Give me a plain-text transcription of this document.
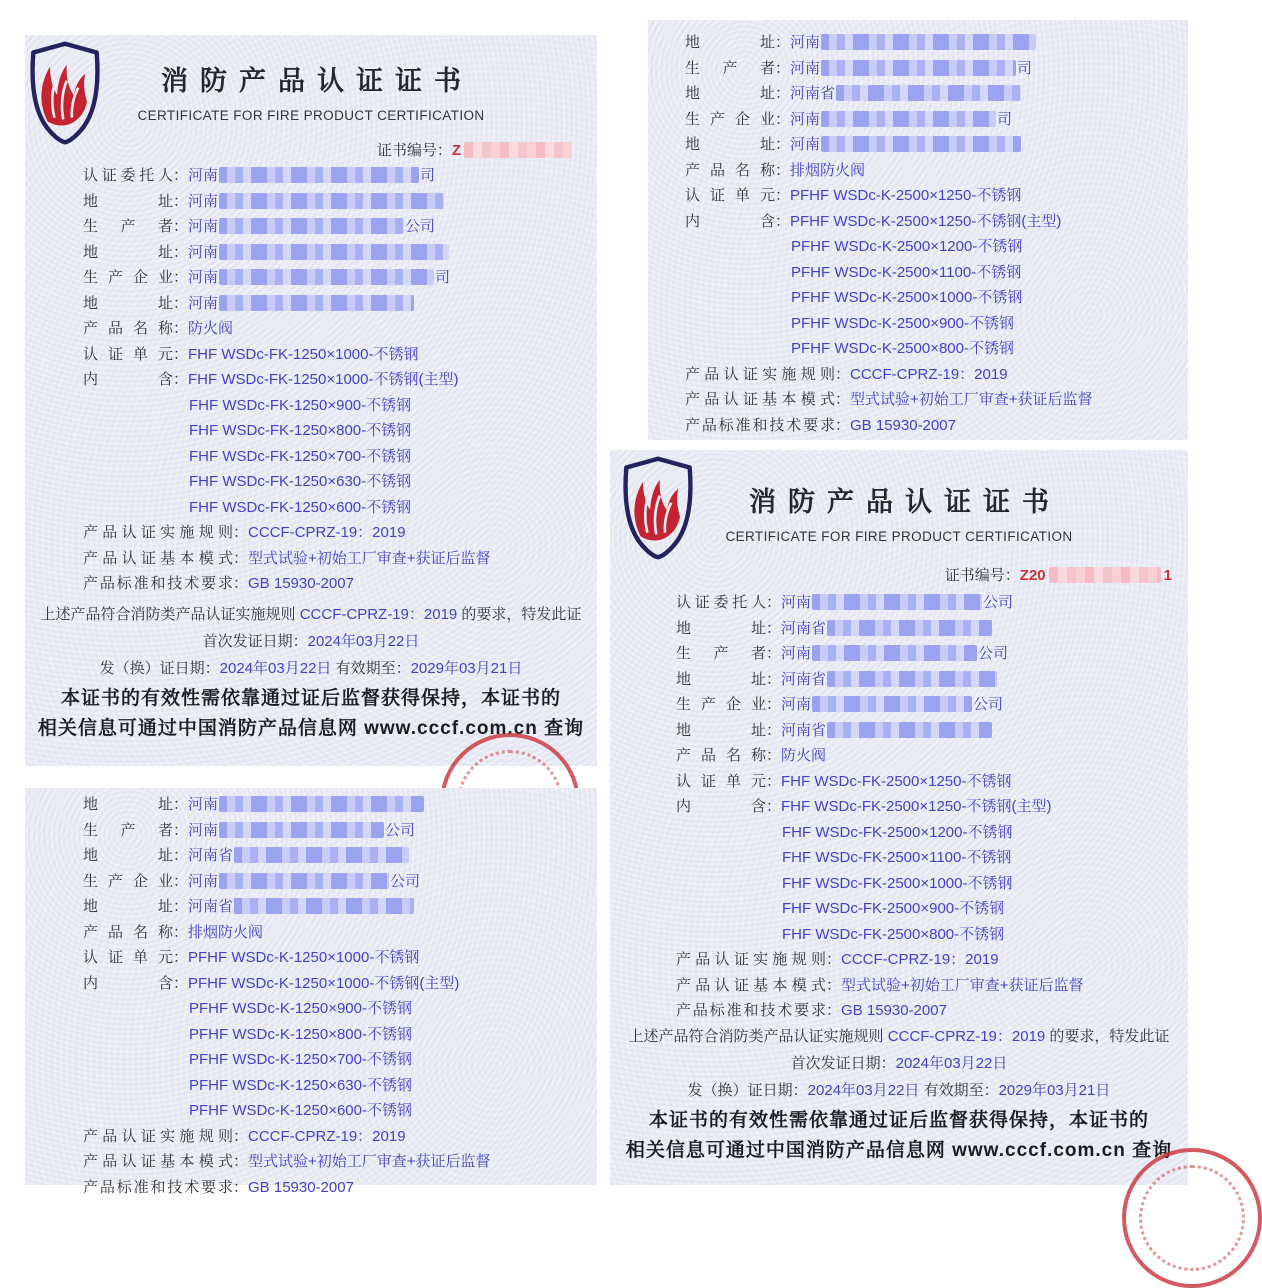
消防产品认证证书
CERTIFICATE FOR FIRE PRODUCT CERTIFICATION
证书编号：Z
认证委托人：河南	司
地址：河南
生产者：河南	公司
地址：河南
生产企业：河南	司
地址：河南
产品名称：防火阀
认证单元：FHF WSDc-FK-1250×1000-不锈钢
内含：FHF WSDc-FK-1250×1000-不锈钢(主型)
FHF WSDc-FK-1250×900-不锈钢
FHF WSDc-FK-1250×800-不锈钢
FHF WSDc-FK-1250×700-不锈钢
FHF WSDc-FK-1250×630-不锈钢
FHF WSDc-FK-1250×600-不锈钢
产品认证实施规则：CCCF-CPRZ-19：2019
产品认证基本模式：型式试验+初始工厂审查+获证后监督
产品标准和技术要求：GB 15930-2007
上述产品符合消防类产品认证实施规则 CCCF-CPRZ-19：2019 的要求，特发此证
首次发证日期：2024年03月22日
发（换）证日期：2024年03月22日 有效期至：2029年03月21日
本证书的有效性需依靠通过证后监督获得保持，本证书的
相关信息可通过中国消防产品信息网 www.cccf.com.cn 查询
地址：河南
生产者：河南	司
地址：河南省
生产企业：河南	司
地址：河南
产品名称：排烟防火阀
认证单元：PFHF WSDc-K-2500×1250-不锈钢
内含：PFHF WSDc-K-2500×1250-不锈钢(主型)
PFHF WSDc-K-2500×1200-不锈钢
PFHF WSDc-K-2500×1100-不锈钢
PFHF WSDc-K-2500×1000-不锈钢
PFHF WSDc-K-2500×900-不锈钢
PFHF WSDc-K-2500×800-不锈钢
产品认证实施规则：CCCF-CPRZ-19：2019
产品认证基本模式：型式试验+初始工厂审查+获证后监督
产品标准和技术要求：GB 15930-2007
地址：河南
生产者：河南	公司
地址：河南省
生产企业：河南	公司
地址：河南省
产品名称：排烟防火阀
认证单元：PFHF WSDc-K-1250×1000-不锈钢
内含：PFHF WSDc-K-1250×1000-不锈钢(主型)
PFHF WSDc-K-1250×900-不锈钢
PFHF WSDc-K-1250×800-不锈钢
PFHF WSDc-K-1250×700-不锈钢
PFHF WSDc-K-1250×630-不锈钢
PFHF WSDc-K-1250×600-不锈钢
产品认证实施规则：CCCF-CPRZ-19：2019
产品认证基本模式：型式试验+初始工厂审查+获证后监督
产品标准和技术要求：GB 15930-2007
消防产品认证证书
CERTIFICATE FOR FIRE PRODUCT CERTIFICATION
证书编号：Z20	1
认证委托人：河南	公司
地址：河南省
生产者：河南	公司
地址：河南省
生产企业：河南	公司
地址：河南省
产品名称：防火阀
认证单元：FHF WSDc-FK-2500×1250-不锈钢
内含：FHF WSDc-FK-2500×1250-不锈钢(主型)
FHF WSDc-FK-2500×1200-不锈钢
FHF WSDc-FK-2500×1100-不锈钢
FHF WSDc-FK-2500×1000-不锈钢
FHF WSDc-FK-2500×900-不锈钢
FHF WSDc-FK-2500×800-不锈钢
产品认证实施规则：CCCF-CPRZ-19：2019
产品认证基本模式：型式试验+初始工厂审查+获证后监督
产品标准和技术要求：GB 15930-2007
上述产品符合消防类产品认证实施规则 CCCF-CPRZ-19：2019 的要求，特发此证
首次发证日期：2024年03月22日
发（换）证日期：2024年03月22日 有效期至：2029年03月21日
本证书的有效性需依靠通过证后监督获得保持，本证书的
相关信息可通过中国消防产品信息网 www.cccf.com.cn 查询
